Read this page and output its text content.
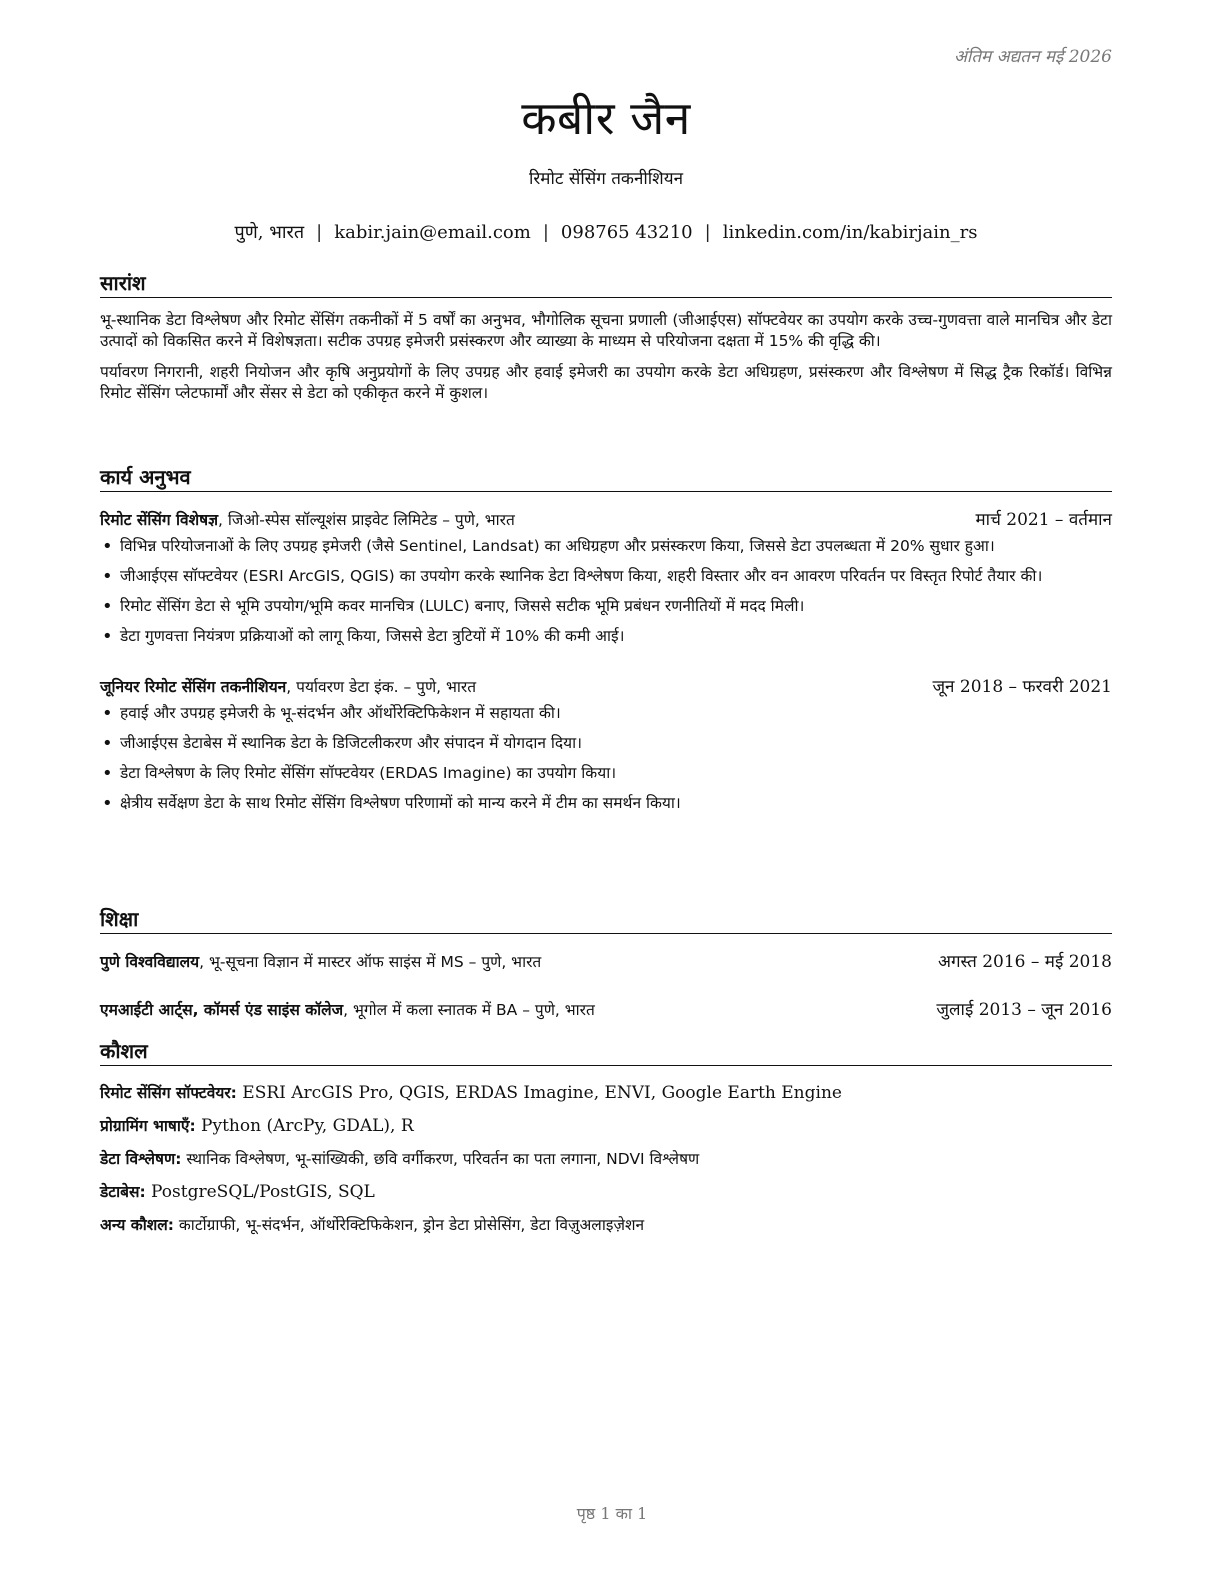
अंतिम अद्यतन मई 2026
कबीर जैन
रिमोट सेंसिंग तकनीशियन
पुणे, भारत | kabir.jain@email.com | 098765 43210 | linkedin.com/in/kabirjain_rs
सारांश

भू-स्थानिक डेटा विश्लेषण और रिमोट सेंसिंग तकनीकों में 5 वर्षों का अनुभव, भौगोलिक सूचना प्रणाली (जीआईएस) सॉफ्टवेयर का उपयोग करके उच्च-गुणवत्ता वाले मानचित्र और डेटा उत्पादों को विकसित करने में विशेषज्ञता। सटीक उपग्रह इमेजरी प्रसंस्करण और व्याख्या के माध्यम से परियोजना दक्षता में 15% की वृद्धि की।

पर्यावरण निगरानी, शहरी नियोजन और कृषि अनुप्रयोगों के लिए उपग्रह और हवाई इमेजरी का उपयोग करके डेटा अधिग्रहण, प्रसंस्करण और विश्लेषण में सिद्ध ट्रैक रिकॉर्ड। विभिन्न रिमोट सेंसिंग प्लेटफार्मों और सेंसर से डेटा को एकीकृत करने में कुशल।

कार्य अनुभव
रिमोट सेंसिंग विशेषज्ञ, जिओ-स्पेस सॉल्यूशंस प्राइवेट लिमिटेड – पुणे, भारत	मार्च 2021 – वर्तमान
• विभिन्न परियोजनाओं के लिए उपग्रह इमेजरी (जैसे Sentinel, Landsat) का अधिग्रहण और प्रसंस्करण किया, जिससे डेटा उपलब्धता में 20% सुधार हुआ।
• जीआईएस सॉफ्टवेयर (ESRI ArcGIS, QGIS) का उपयोग करके स्थानिक डेटा विश्लेषण किया, शहरी विस्तार और वन आवरण परिवर्तन पर विस्तृत रिपोर्ट तैयार की।
• रिमोट सेंसिंग डेटा से भूमि उपयोग/भूमि कवर मानचित्र (LULC) बनाए, जिससे सटीक भूमि प्रबंधन रणनीतियों में मदद मिली।
• डेटा गुणवत्ता नियंत्रण प्रक्रियाओं को लागू किया, जिससे डेटा त्रुटियों में 10% की कमी आई।
जूनियर रिमोट सेंसिंग तकनीशियन, पर्यावरण डेटा इंक. – पुणे, भारत	जून 2018 – फरवरी 2021
• हवाई और उपग्रह इमेजरी के भू-संदर्भन और ऑर्थोरेक्टिफिकेशन में सहायता की।
• जीआईएस डेटाबेस में स्थानिक डेटा के डिजिटलीकरण और संपादन में योगदान दिया।
• डेटा विश्लेषण के लिए रिमोट सेंसिंग सॉफ्टवेयर (ERDAS Imagine) का उपयोग किया।
• क्षेत्रीय सर्वेक्षण डेटा के साथ रिमोट सेंसिंग विश्लेषण परिणामों को मान्य करने में टीम का समर्थन किया।
शिक्षा
पुणे विश्वविद्यालय, भू-सूचना विज्ञान में मास्टर ऑफ साइंस में MS – पुणे, भारत	अगस्त 2016 – मई 2018
एमआईटी आर्ट्स, कॉमर्स एंड साइंस कॉलेज, भूगोल में कला स्नातक में BA – पुणे, भारत	जुलाई 2013 – जून 2016
कौशल
रिमोट सेंसिंग सॉफ्टवेयर: ESRI ArcGIS Pro, QGIS, ERDAS Imagine, ENVI, Google Earth Engine
प्रोग्रामिंग भाषाएँ: Python (ArcPy, GDAL), R
डेटा विश्लेषण: स्थानिक विश्लेषण, भू-सांख्यिकी, छवि वर्गीकरण, परिवर्तन का पता लगाना, NDVI विश्लेषण
डेटाबेस: PostgreSQL/PostGIS, SQL
अन्य कौशल: कार्टोग्राफी, भू-संदर्भन, ऑर्थोरेक्टिफिकेशन, ड्रोन डेटा प्रोसेसिंग, डेटा विज़ुअलाइज़ेशन
पृष्ठ 1 का 1
